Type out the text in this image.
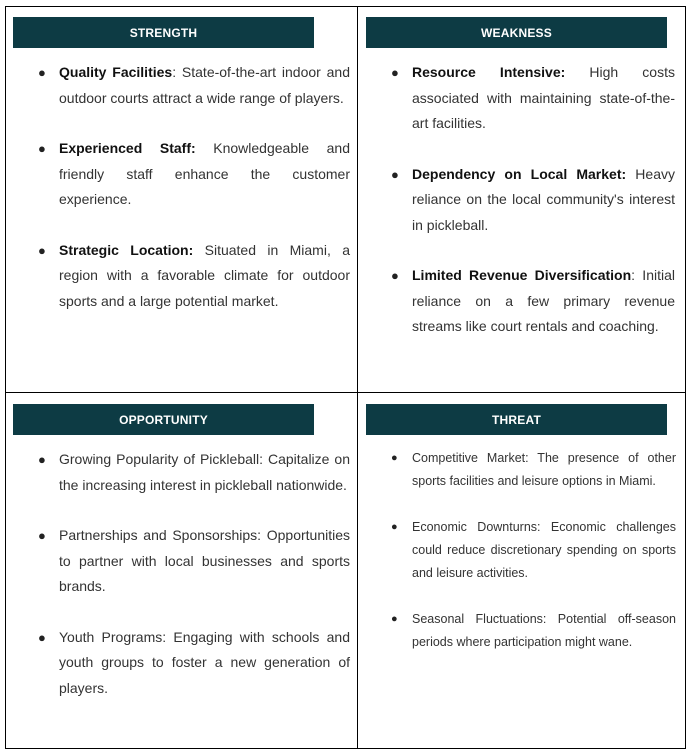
STRENGTH
● Quality Facilities: State-of-the-art indoor and outdoor courts attract a wide range of players.
● Experienced Staff: Knowledgeable and friendly staff enhance the customer experience.
● Strategic Location: Situated in Miami, a region with a favorable climate for outdoor sports and a large potential market.
WEAKNESS
● Resource Intensive: High costs associated with maintaining state-of-the-art facilities.
● Dependency on Local Market: Heavy reliance on the local community's interest in pickleball.
● Limited Revenue Diversification: Initial reliance on a few primary revenue streams like court rentals and coaching.
OPPORTUNITY
● Growing Popularity of Pickleball: Capitalize on the increasing interest in pickleball nationwide.
● Partnerships and Sponsorships: Opportunities to partner with local businesses and sports brands.
● Youth Programs: Engaging with schools and youth groups to foster a new generation of players.
THREAT
● Competitive Market: The presence of other sports facilities and leisure options in Miami.
● Economic Downturns: Economic challenges could reduce discretionary spending on sports and leisure activities.
● Seasonal Fluctuations: Potential off-season periods where participation might wane.
